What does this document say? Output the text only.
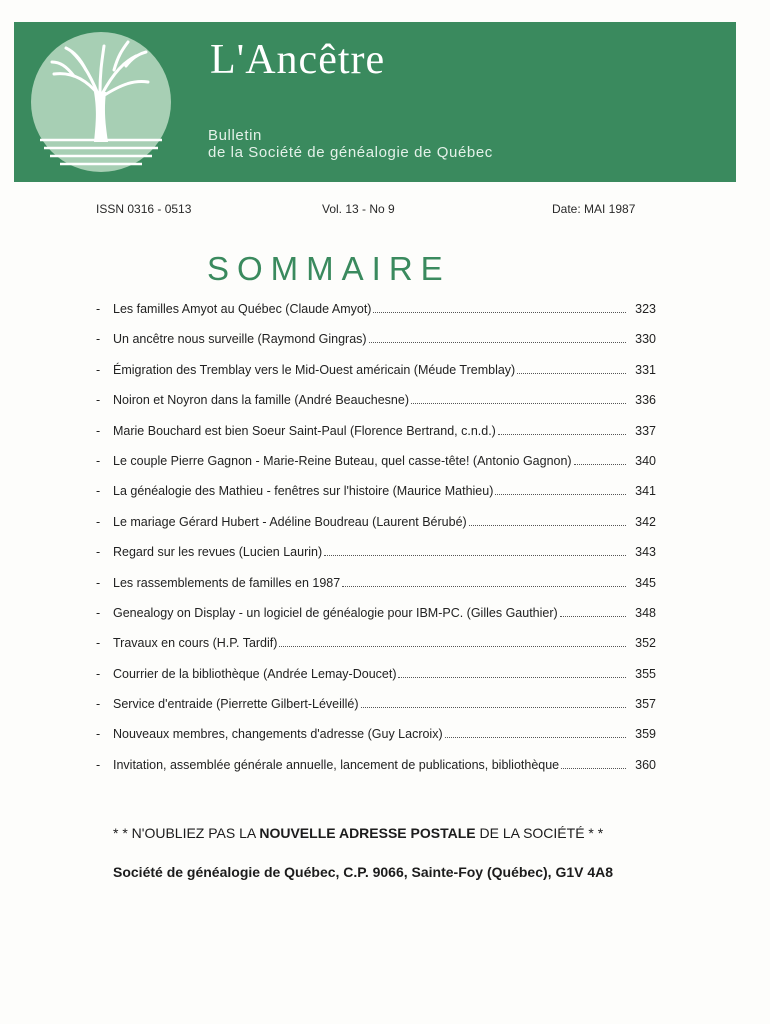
L'Ancêtre
Bulletin
de la Société de généalogie de Québec
ISSN 0316 - 0513	Vol. 13 - No 9	Date: MAI 1987
SOMMAIRE
-	Les familles Amyot au Québec (Claude Amyot)	323
-	Un ancêtre nous surveille (Raymond Gingras)	330
-	Émigration des Tremblay vers le Mid-Ouest américain (Méude Tremblay)	331
-	Noiron et Noyron dans la famille (André Beauchesne)	336
-	Marie Bouchard est bien Soeur Saint-Paul (Florence Bertrand, c.n.d.)	337
-	Le couple Pierre Gagnon - Marie-Reine Buteau, quel casse-tête! (Antonio Gagnon)	340
-	La généalogie des Mathieu - fenêtres sur l'histoire (Maurice Mathieu)	341
-	Le mariage Gérard Hubert - Adéline Boudreau (Laurent Bérubé)	342
-	Regard sur les revues (Lucien Laurin)	343
-	Les rassemblements de familles en 1987	345
-	Genealogy on Display - un logiciel de généalogie pour IBM-PC. (Gilles Gauthier)	348
-	Travaux en cours (H.P. Tardif)	352
-	Courrier de la bibliothèque (Andrée Lemay-Doucet)	355
-	Service d'entraide (Pierrette Gilbert-Léveillé)	357
-	Nouveaux membres, changements d'adresse (Guy Lacroix)	359
-	Invitation, assemblée générale annuelle, lancement de publications, bibliothèque	360
* * N'OUBLIEZ PAS LA NOUVELLE ADRESSE POSTALE DE LA SOCIÉTÉ * *
Société de généalogie de Québec, C.P. 9066, Sainte-Foy (Québec), G1V 4A8
